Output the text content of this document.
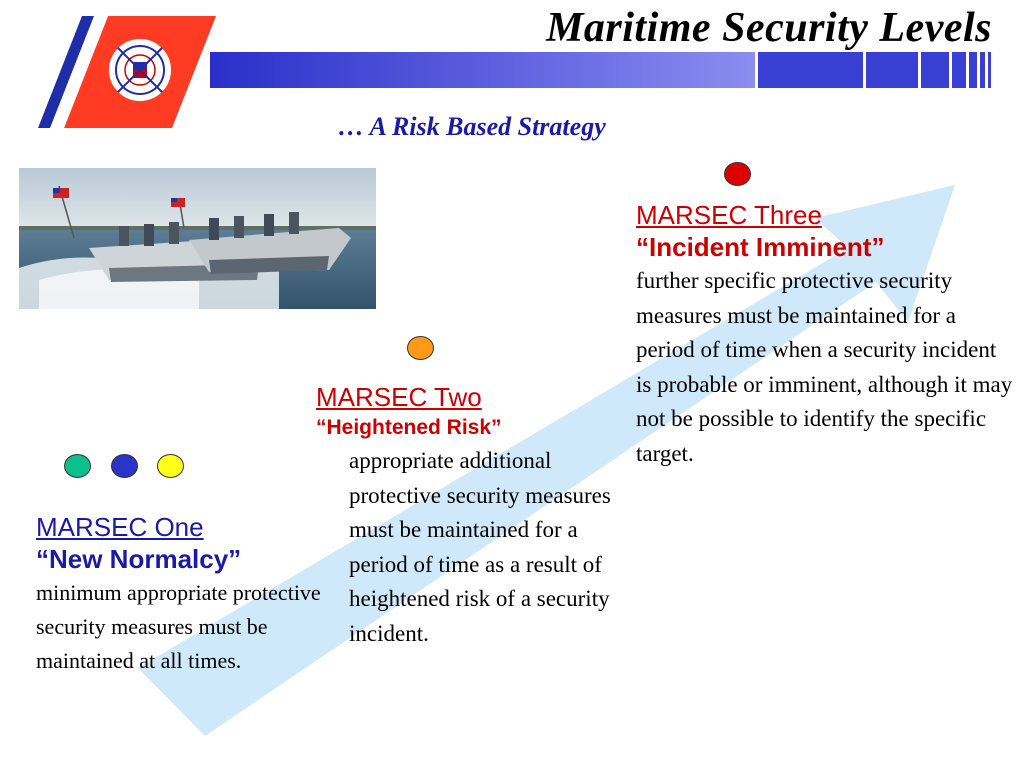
Maritime Security Levels
… A Risk Based Strategy
MARSEC Three
“Incident Imminent”
further specific protective security measures must be maintained for a period of time when a security incident is probable or imminent, although it may not be possible to identify the specific target.
MARSEC Two
“Heightened Risk”
appropriate additional protective security measures must be maintained for a period of time as a result of heightened risk of a security incident.
MARSEC One
“New Normalcy”
minimum appropriate protective security measures must be maintained at all times.
